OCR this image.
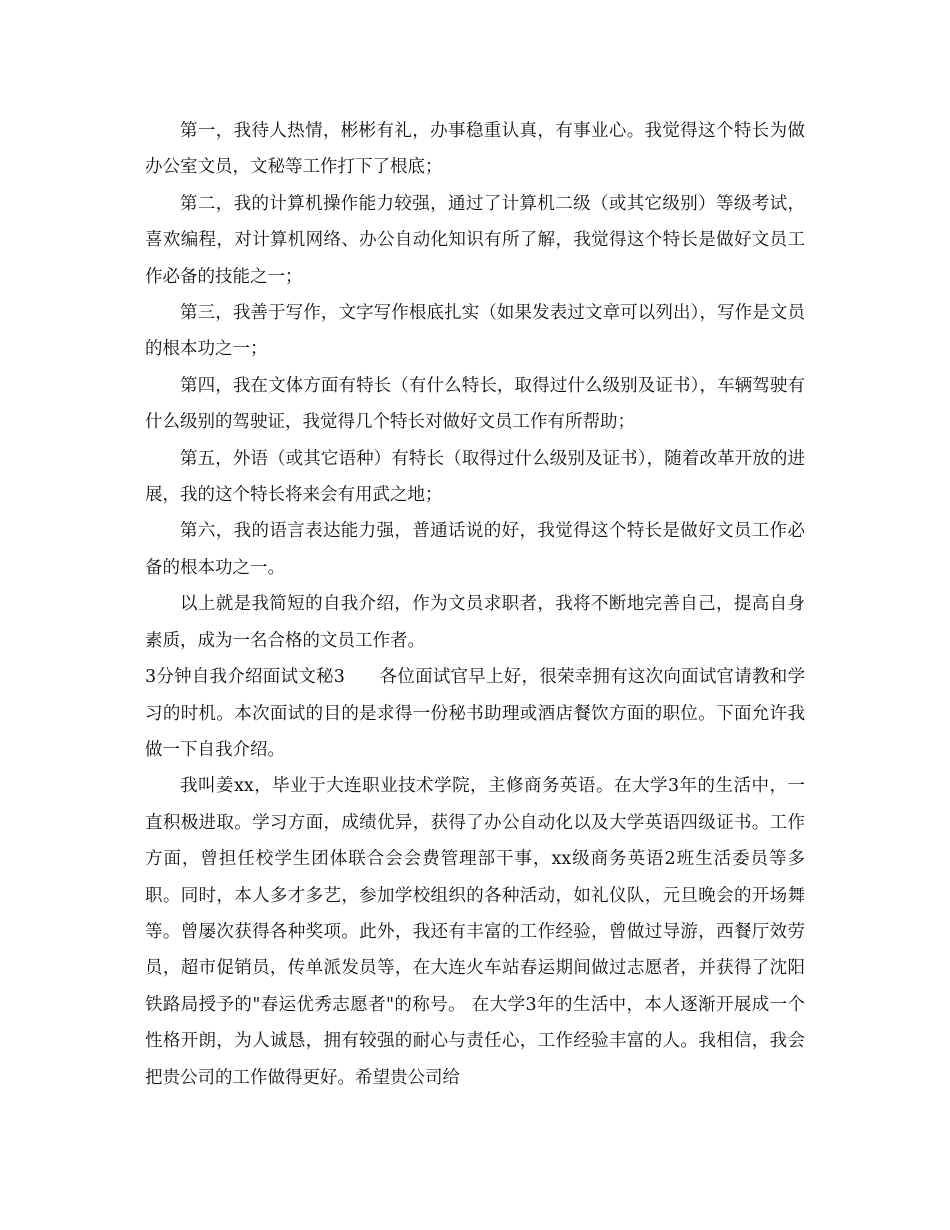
第一，我待人热情，彬彬有礼，办事稳重认真，有事业心。我觉得这个特长为做办公室文员，文秘等工作打下了根底；

第二，我的计算机操作能力较强，通过了计算机二级（或其它级别）等级考试，喜欢编程，对计算机网络、办公自动化知识有所了解，我觉得这个特长是做好文员工作必备的技能之一；

第三，我善于写作，文字写作根底扎实（如果发表过文章可以列出），写作是文员的根本功之一；

第四，我在文体方面有特长（有什么特长，取得过什么级别及证书），车辆驾驶有什么级别的驾驶证，我觉得几个特长对做好文员工作有所帮助；

第五，外语（或其它语种）有特长（取得过什么级别及证书），随着改革开放的进展，我的这个特长将来会有用武之地；

第六，我的语言表达能力强，普通话说的好，我觉得这个特长是做好文员工作必备的根本功之一。

以上就是我简短的自我介绍，作为文员求职者，我将不断地完善自己，提高自身素质，成为一名合格的文员工作者。

3分钟自我介绍面试文秘3 各位面试官早上好，很荣幸拥有这次向面试官请教和学习的时机。本次面试的目的是求得一份秘书助理或酒店餐饮方面的职位。下面允许我做一下自我介绍。

我叫姜xx，毕业于大连职业技术学院，主修商务英语。在大学3年的生活中，一直积极进取。学习方面，成绩优异，获得了办公自动化以及大学英语四级证书。工作方面，曾担任校学生团体联合会会费管理部干事，xx级商务英语2班生活委员等多职。同时，本人多才多艺，参加学校组织的各种活动，如礼仪队，元旦晚会的开场舞等。曾屡次获得各种奖项。此外，我还有丰富的工作经验，曾做过导游，西餐厅效劳员，超市促销员，传单派发员等，在大连火车站春运期间做过志愿者，并获得了沈阳铁路局授予的"春运优秀志愿者"的称号。 在大学3年的生活中，本人逐渐开展成一个性格开朗，为人诚恳，拥有较强的耐心与责任心，工作经验丰富的人。我相信，我会把贵公司的工作做得更好。希望贵公司给
